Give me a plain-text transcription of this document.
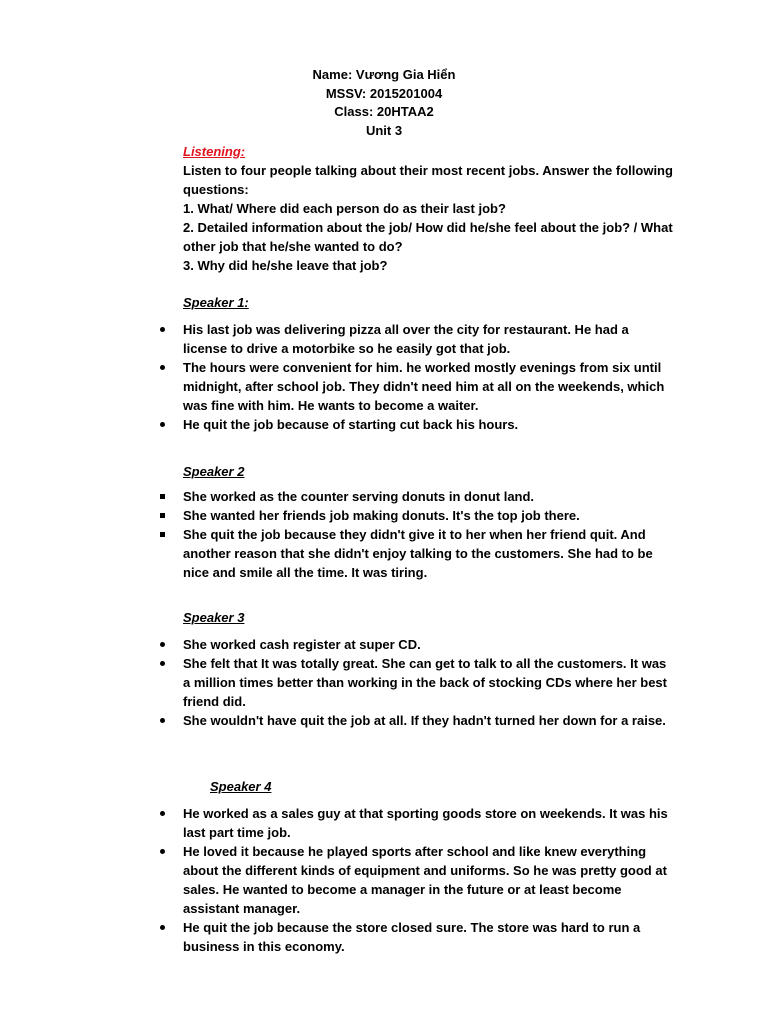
Name: Vương Gia Hiển
MSSV: 2015201004
Class: 20HTAA2
Unit 3
Listening:
Listen to four people talking about their most recent jobs. Answer the following questions:
1. What/ Where did each person do as their last job?
2. Detailed information about the job/ How did he/she feel about the job? / What other job that he/she wanted to do?
3. Why did he/she leave that job?
Speaker 1:
His last job was delivering pizza all over the city for restaurant. He had a license to drive a motorbike so he easily got that job.
The hours were convenient for him. he worked mostly evenings from six until midnight, after school job. They didn't need him at all on the weekends, which was fine with him. He wants to become a waiter.
He quit the job because of starting cut back his hours.
Speaker 2
She worked as the counter serving donuts in donut land.
She wanted her friends job making donuts. It's the top job there.
She quit the job because they didn't give it to her when her friend quit. And another reason that she didn't enjoy talking to the customers. She had to be nice and smile all the time. It was tiring.
Speaker 3
She worked cash register at super CD.
She felt that It was totally great. She can get to talk to all the customers. It was a million times better than working in the back of stocking CDs where her best friend did.
She wouldn't have quit the job at all. If they hadn't turned her down for a raise.
Speaker 4
He worked as a sales guy at that sporting goods store on weekends. It was his last part time job.
He loved it because he played sports after school and like knew everything about the different kinds of equipment and uniforms. So he was pretty good at sales. He wanted to become a manager in the future or at least become assistant manager.
He quit the job because the store closed sure. The store was hard to run a business in this economy.
